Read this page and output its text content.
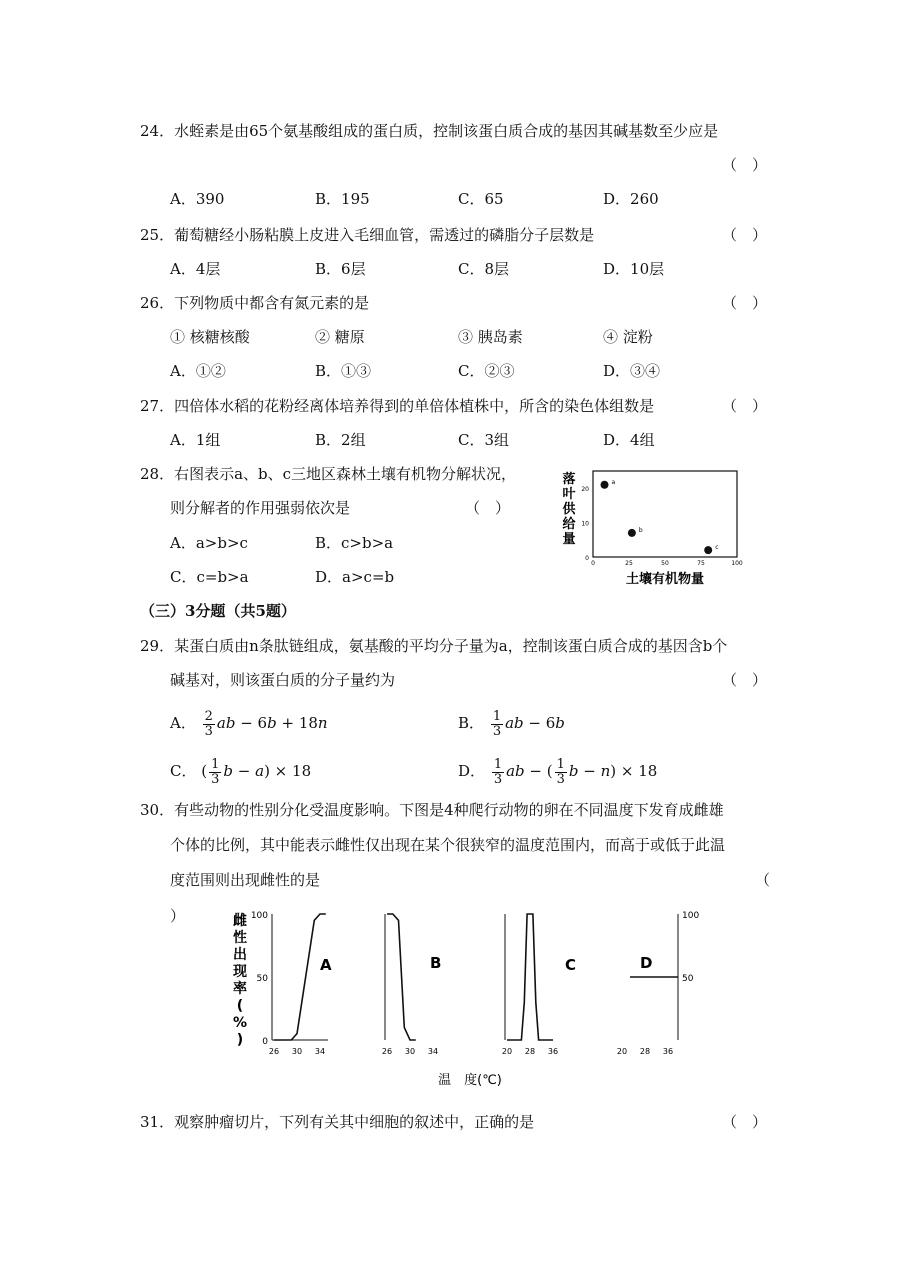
24．水蛭素是由65个氨基酸组成的蛋白质，控制该蛋白质合成的基因其碱基数至少应是
（　）
A．390	B．195	C．65	D．260
25．葡萄糖经小肠粘膜上皮进入毛细血管，需透过的磷脂分子层数是	（　）
A．4层	B．6层	C．8层	D．10层
26．下列物质中都含有氮元素的是	（　）
① 核糖核酸	② 糖原	③ 胰岛素	④ 淀粉
A．①②	B．①③	C．②③	D．③④
27．四倍体水稻的花粉经离体培养得到的单倍体植株中，所含的染色体组数是	（　）
A．1组	B．2组	C．3组	D．4组
28．右图表示a、b、c三地区森林土壤有机物分解状况，
则分解者的作用强弱依次是	（　）
A．a>b>c	B．c>b>a
C．c=b>a	D．a>c=b
落
叶
供
给
量
0
10
20
0	25	50	75	100
土壤有机物量
a
b
c
（三）3分题（共5题）
29．某蛋白质由n条肽链组成，氨基酸的平均分子量为a，控制该蛋白质合成的基因含b个
碱基对，则该蛋白质的分子量约为	（　）
A． $\frac{2}{3}$ ab − 6b + 18n	B． $\frac{1}{3}$ ab − 6b
C． ( $\frac{1}{3}$ b − a) × 18	D． $\frac{1}{3}$ ab − ( $\frac{1}{3}$ b − n) × 18
30．有些动物的性别分化受温度影响。下图是4种爬行动物的卵在不同温度下发育成雌雄
个体的比例，其中能表示雌性仅出现在某个很狭窄的温度范围内，而高于或低于此温
度范围则出现雌性的是	（
）	雌
性
出
现
率
(
%
) 0
50
100
26 30 34
A
26 30 34
B
20 28 36
C
50
100
20 28 36
D
温　度(℃)
31．观察肿瘤切片，下列有关其中细胞的叙述中，正确的是	（　）
